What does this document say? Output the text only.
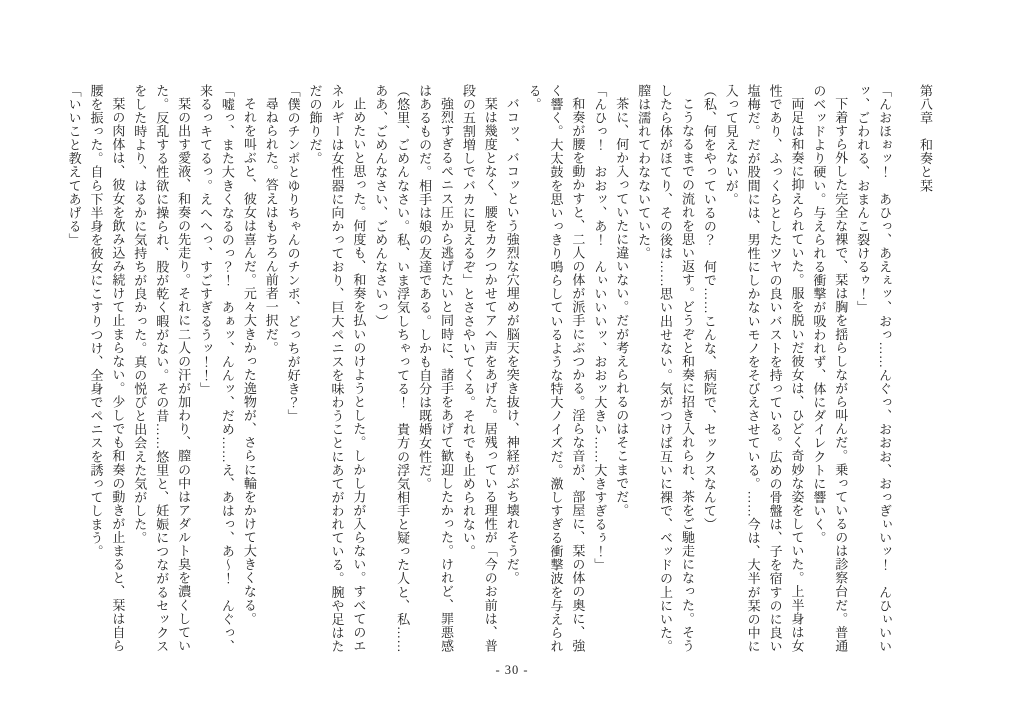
第八章　和奏と栞

「んおほぉッ！　あひっ、あえぇッ、おっ……んぐっ、おおお、おっぎぃいッ！　んひぃいいッ、ごわれる、おまんこ裂けるゥ！」

下着すら外した完全な裸で、栞は胸を揺らしながら叫んだ。乗っているのは診察台だ。普通のベッドより硬い。与えられる衝撃が吸われず、体にダイレクトに響いく。

両足は和奏に抑えられていた。服を脱いだ彼女は、ひどく奇妙な姿をしていた。上半身は女性であり、ふっくらとしたツヤの良いバストを持っている。広めの骨盤は、子を宿すのに良い塩梅だ。だが股間には、男性にしかないモノをそびえさせている。……今は、大半が栞の中に入って見えないが。

（私、何をやっているの？　何で……こんな、病院で、セックスなんて）

こうなるまでの流れを思い返す。どうぞと和奏に招き入れられ、茶をご馳走になった。そうしたら体がほてり、その後は……思い出せない。気がつけば互いに裸で、ベッドの上にいた。膣は濡れてわなないていた。

茶に、何か入っていたに違いない。だが考えられるのはそこまでだ。

「んひっ！　おおッ、あ！　んぃいいいッ、おおッ大きい……大きすぎるぅ！」

和奏が腰を動かすと、二人の体が派手にぶつかる。淫らな音が、部屋に、栞の体の奥に、強く響く。大太鼓を思いっきり鳴らしているような特大ノイズだ。激しすぎる衝撃波を与えられる。

バコッ、バコッという強烈な穴埋めが脳天を突き抜け、神経がぶち壊れそうだ。

栞は幾度となく、腰をカクつかせてアヘ声をあげた。居残っている理性が「今のお前は、普段の五割増しでバカに見えるぞ」とささやいてくる。それでも止められない。

強烈すぎるペニス圧から逃げたいと同時に、諸手をあげて歓迎したかった。けれど、罪悪感はあるものだ。相手は娘の友達である。しかも自分は既婚女性だ。

（悠里、ごめんなさい。私、いま浮気しちゃってる！　貴方の浮気相手と疑った人と、私……ああ、ごめんなさい、ごめんなさいっ）

止めたいと思った。何度も、和奏を払いのけようとした。しかし力が入らない。すべてのエネルギーは女性器に向かっており、巨大ペニスを味わうことにあてがわれている。腕や足はただの飾りだ。

「僕のチンポとゆりちゃんのチンポ、どっちが好き？」

尋ねられた。答えはもちろん前者一択だ。

それを叫ぶと、彼女は喜んだ。元々大きかった逸物が、さらに輪をかけて大きくなる。

「嘘っ、また大きくなるのっ？！　あぁッ、んんッ、だめ……え、あはっ、あ〜！　んぐっ、来るっキてるっ。えへへっ、すごすぎるうッ！！」

栞の出す愛液、和奏の先走り。それに二人の汗が加わり、膣の中はアダルト臭を濃くしていた。反乱する性欲に操られ、股が乾く暇がない。その昔……悠里と、妊娠につながるセックスをした時より、はるかに気持ちが良かった。真の悦びと出会えた気がした。

栞の肉体は、彼女を飲み込み続けて止まらない。少しでも和奏の動きが止まると、栞は自ら腰を振った。自ら下半身を彼女にこすりつけ、全身でペニスを誘ってしまう。

「いいこと教えてあげる」

- 30 -
